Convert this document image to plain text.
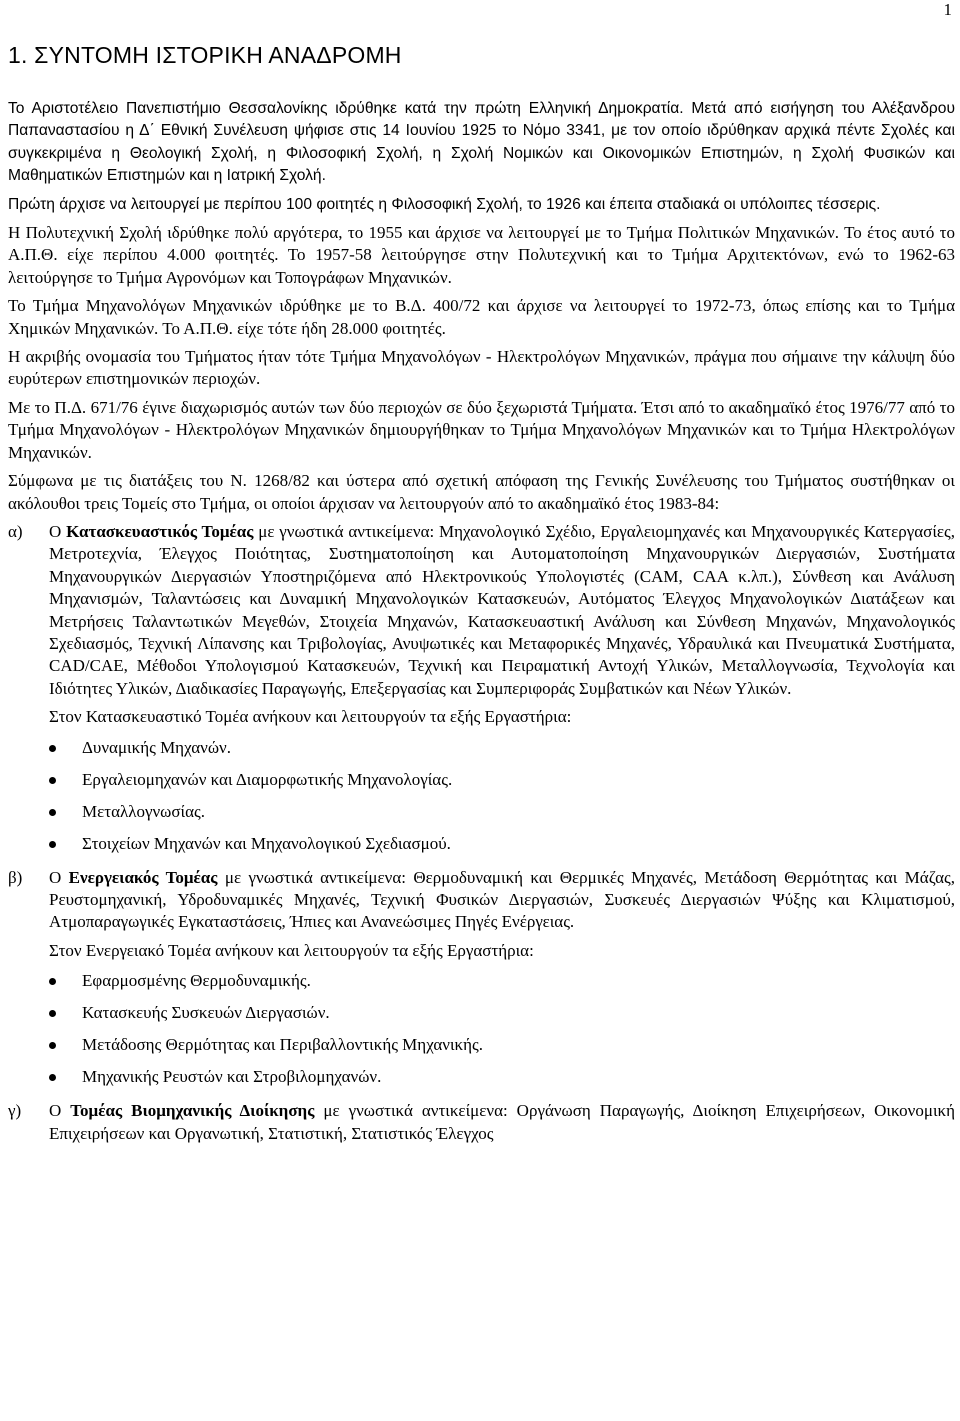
1
1. ΣΥΝΤΟΜΗ ΙΣΤΟΡΙΚΗ ΑΝΑΔΡΟΜΗ

Το Αριστοτέλειο Πανεπιστήμιο Θεσσαλονίκης ιδρύθηκε κατά την πρώτη Ελληνική Δημοκρατία. Μετά από εισήγηση του Αλέξανδρου Παπαναστασίου η Δ΄ Εθνική Συνέλευση ψήφισε στις 14 Ιουνίου 1925 το Νόμο 3341, με τον οποίο ιδρύθηκαν αρχικά πέντε Σχολές και συγκεκριμένα η Θεολογική Σχολή, η Φιλοσοφική Σχολή, η Σχολή Νομικών και Οικονομικών Επιστημών, η Σχολή Φυσικών και Μαθηματικών Επιστημών και η Ιατρική Σχολή.

Πρώτη άρχισε να λειτουργεί με περίπου 100 φοιτητές η Φιλοσοφική Σχολή, το 1926 και έπειτα σταδιακά οι υπόλοιπες τέσσερις.

Η Πολυτεχνική Σχολή ιδρύθηκε πολύ αργότερα, το 1955 και άρχισε να λειτουργεί με το Τμήμα Πολιτικών Μηχανικών. Το έτος αυτό το Α.Π.Θ. είχε περίπου 4.000 φοιτητές. Το 1957-58 λειτούργησε στην Πολυτεχνική και το Τμήμα Αρχιτεκτόνων, ενώ το 1962-63 λειτούργησε το Τμήμα Αγρονόμων και Τοπογράφων Μηχανικών.

Το Τμήμα Μηχανολόγων Μηχανικών ιδρύθηκε με το Β.Δ. 400/72 και άρχισε να λειτουργεί το 1972-73, όπως επίσης και το Τμήμα Χημικών Μηχανικών. Το Α.Π.Θ. είχε τότε ήδη 28.000 φοιτητές.

Η ακριβής ονομασία του Τμήματος ήταν τότε Τμήμα Μηχανολόγων - Ηλεκτρολόγων Μηχανικών, πράγμα που σήμαινε την κάλυψη δύο ευρύτερων επιστημονικών περιοχών.

Με το Π.Δ. 671/76 έγινε διαχωρισμός αυτών των δύο περιοχών σε δύο ξεχωριστά Τμήματα. Έτσι από το ακαδημαϊκό έτος 1976/77 από το Τμήμα Μηχανολόγων - Ηλεκτρολόγων Μηχανικών δημιουργήθηκαν το Τμήμα Μηχανολόγων Μηχανικών και το Τμήμα Ηλεκτρολόγων Μηχανικών.

Σύμφωνα με τις διατάξεις του Ν. 1268/82 και ύστερα από σχετική απόφαση της Γενικής Συνέλευσης του Τμήματος συστήθηκαν οι ακόλουθοι τρεις Τομείς στο Τμήμα, οι οποίοι άρχισαν να λειτουργούν από το ακαδημαϊκό έτος 1983-84:

α)	Ο Κατασκευαστικός Τομέας με γνωστικά αντικείμενα: Μηχανολογικό Σχέδιο, Εργαλειομηχανές και Μηχανουργικές Κατεργασίες, Μετροτεχνία, Έλεγχος Ποιότητας, Συστηματοποίηση και Αυτοματοποίηση Μηχανουργικών Διεργασιών, Συστήματα Μηχανουργικών Διεργασιών Υποστηριζόμενα από Ηλεκτρονικούς Υπολογιστές (CAM, CAA κ.λπ.), Σύνθεση και Ανάλυση Μηχανισμών, Ταλαντώσεις και Δυναμική Μηχανολογικών Κατασκευών, Αυτόματος Έλεγχος Μηχανολογικών Διατάξεων και Μετρήσεις Ταλαντωτικών Μεγεθών, Στοιχεία Μηχανών, Κατασκευαστική Ανάλυση και Σύνθεση Μηχανών, Μηχανολογικός Σχεδιασμός, Τεχνική Λίπανσης και Τριβολογίας, Ανυψωτικές και Μεταφορικές Μηχανές, Υδραυλικά και Πνευματικά Συστήματα, CAD/CAE, Μέθοδοι Υπολογισμού Κατασκευών, Τεχνική και Πειραματική Αντοχή Υλικών, Μεταλλογνωσία, Τεχνολογία και Ιδιότητες Υλικών, Διαδικασίες Παραγωγής, Επεξεργασίας και Συμπεριφοράς Συμβατικών και Νέων Υλικών.

Στον Κατασκευαστικό Τομέα ανήκουν και λειτουργούν τα εξής Εργαστήρια:

Δυναμικής Μηχανών.
Εργαλειομηχανών και Διαμορφωτικής Μηχανολογίας.
Μεταλλογνωσίας.
Στοιχείων Μηχανών και Μηχανολογικού Σχεδιασμού.
β)	Ο Ενεργειακός Τομέας με γνωστικά αντικείμενα: Θερμοδυναμική και Θερμικές Μηχανές, Μετάδοση Θερμότητας και Μάζας, Ρευστομηχανική, Υδροδυναμικές Μηχανές, Τεχνική Φυσικών Διεργασιών, Συσκευές Διεργασιών Ψύξης και Κλιματισμού, Ατμοπαραγωγικές Εγκαταστάσεις, Ήπιες και Ανανεώσιμες Πηγές Ενέργειας.

Στον Ενεργειακό Τομέα ανήκουν και λειτουργούν τα εξής Εργαστήρια:

Εφαρμοσμένης Θερμοδυναμικής.
Κατασκευής Συσκευών Διεργασιών.
Μετάδοσης Θερμότητας και Περιβαλλοντικής Μηχανικής.
Μηχανικής Ρευστών και Στροβιλομηχανών.
γ)	Ο Τομέας Βιομηχανικής Διοίκησης με γνωστικά αντικείμενα: Οργάνωση Παραγωγής, Διοίκηση Επιχειρήσεων, Οικονομική Επιχειρήσεων και Οργανωτική, Στατιστική, Στατιστικός Έλεγχος
